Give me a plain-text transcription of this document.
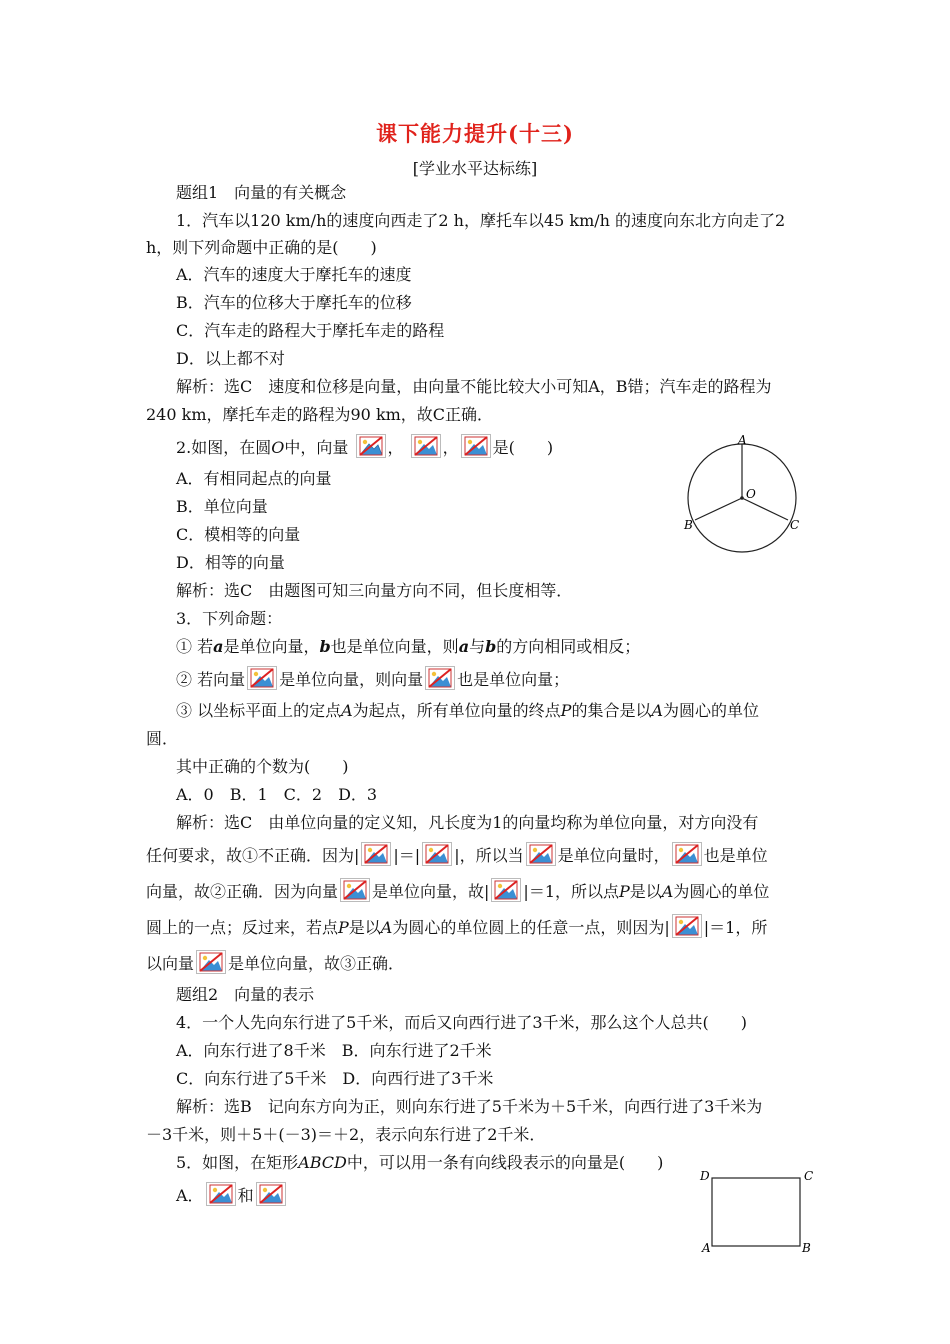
课下能力提升(十三)
[学业水平达标练]
题组1　向量的有关概念
1．汽车以120 km/h的速度向西走了2 h，摩托车以45 km/h 的速度向东北方向走了2
h，则下列命题中正确的是(　　)
A．汽车的速度大于摩托车的速度
B．汽车的位移大于摩托车的位移
C．汽车走的路程大于摩托车走的路程
D．以上都不对
解析：选C　速度和位移是向量，由向量不能比较大小可知A，B错；汽车走的路程为
240 km，摩托车走的路程为90 km，故C正确．
2.如图，在圆O中，向量 ， ， 是(　　)
A．有相同起点的向量
B．单位向量
C．模相等的向量
D．相等的向量
解析：选C　由题图可知三向量方向不同，但长度相等．
A
O
B	C
3．下列命题：
① 若a是单位向量，b也是单位向量，则a与b的方向相同或相反；
② 若向量 是单位向量，则向量 也是单位向量；
③ 以坐标平面上的定点A为起点，所有单位向量的终点P的集合是以A为圆心的单位
圆．
其中正确的个数为(　　)
A．0　B．1　C．2　D．3
解析：选C　由单位向量的定义知，凡长度为1的向量均称为单位向量，对方向没有
任何要求，故①不正确．因为| |＝| |，所以当 是单位向量时， 也是单位
向量，故②正确．因为向量 是单位向量，故| |＝1，所以点P是以A为圆心的单位
圆上的一点；反过来，若点P是以A为圆心的单位圆上的任意一点，则因为| |＝1，所
以向量 是单位向量，故③正确．
题组2　向量的表示
4．一个人先向东行进了5千米，而后又向西行进了3千米，那么这个人总共(　　)
A．向东行进了8千米　B．向东行进了2千米
C．向东行进了5千米　D．向西行进了3千米
解析：选B　记向东方向为正，则向东行进了5千米为＋5千米，向西行进了3千米为
－3千米，则＋5＋(－3)＝＋2，表示向东行进了2千米．
5．如图，在矩形ABCD中，可以用一条有向线段表示的向量是(　　)
A． 和
D	C
A	B
